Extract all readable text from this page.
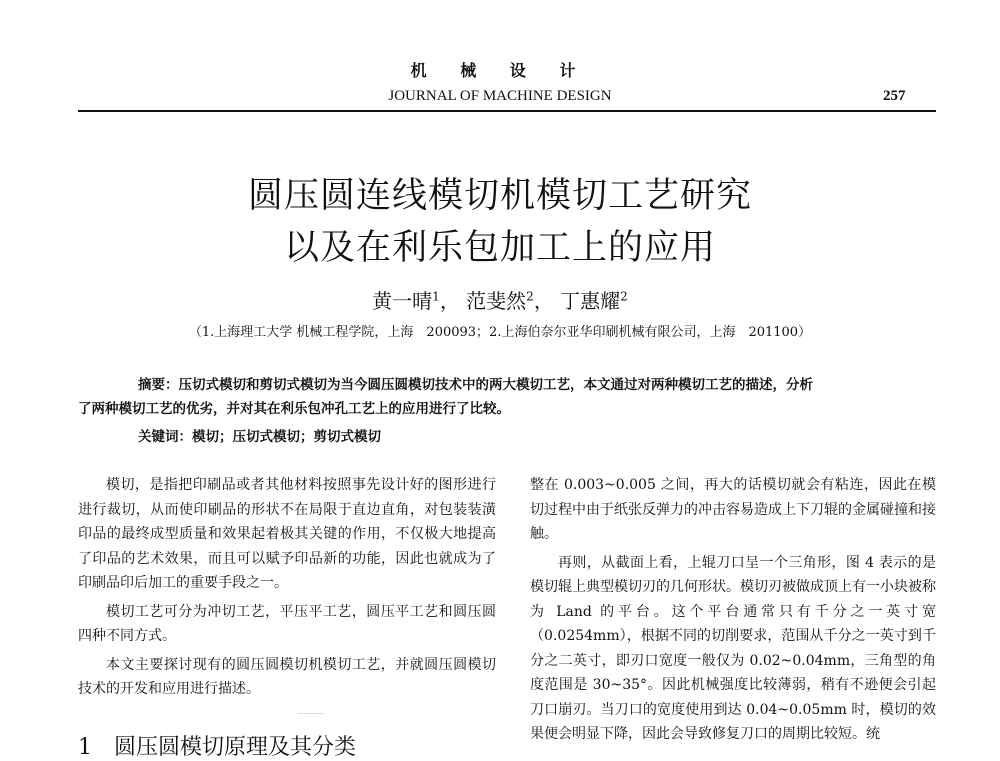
机 械 设 计
JOURNAL OF MACHINE DESIGN	257
圆压圆连线模切机模切工艺研究
以及在利乐包加工上的应用
黄一晴$^1$， 范斐然$^2$， 丁惠耀$^2$
（1.上海理工大学 机械工程学院，上海　200093；2.上海伯奈尔亚华印刷机械有限公司，上海　201100）
摘要：压切式模切和剪切式模切为当今圆压圆模切技术中的两大模切工艺，本文通过对两种模切工艺的描述，分析
了两种模切工艺的优劣，并对其在利乐包冲孔工艺上的应用进行了比较。
关键词：模切；压切式模切；剪切式模切

模切，是指把印刷品或者其他材料按照事先设计好的图形进行进行裁切，从而使印刷品的形状不在局限于直边直角，对包装装潢印品的最终成型质量和效果起着极其关键的作用，不仅极大地提高了印品的艺术效果，而且可以赋予印品新的功能，因此也就成为了印刷品印后加工的重要手段之一。

模切工艺可分为冲切工艺，平压平工艺，圆压平工艺和圆压圆四种不同方式。

本文主要探讨现有的圆压圆模切机模切工艺，并就圆压圆模切技术的开发和应用进行描述。

1 圆压圆模切原理及其分类

整在 0.003~0.005 之间，再大的话模切就会有粘连，因此在模切过程中由于纸张反弹力的冲击容易造成上下刀辊的金属碰撞和接触。

再则，从截面上看，上辊刀口呈一个三角形，图 4 表示的是模切辊上典型模切刃的几何形状。模切刃被做成顶上有一小块被称为 Land 的平台。这个平台通常只有千分之一英寸宽（0.0254mm），根据不同的切削要求，范围从千分之一英寸到千分之二英寸，即刃口宽度一般仅为 0.02~0.04mm，三角型的角度范围是 30~35°。因此机械强度比较薄弱，稍有不逊便会引起刀口崩刃。当刀口的宽度使用到达 0.04~0.05mm 时，模切的效果便会明显下降，因此会导致修复刀口的周期比较短。统
